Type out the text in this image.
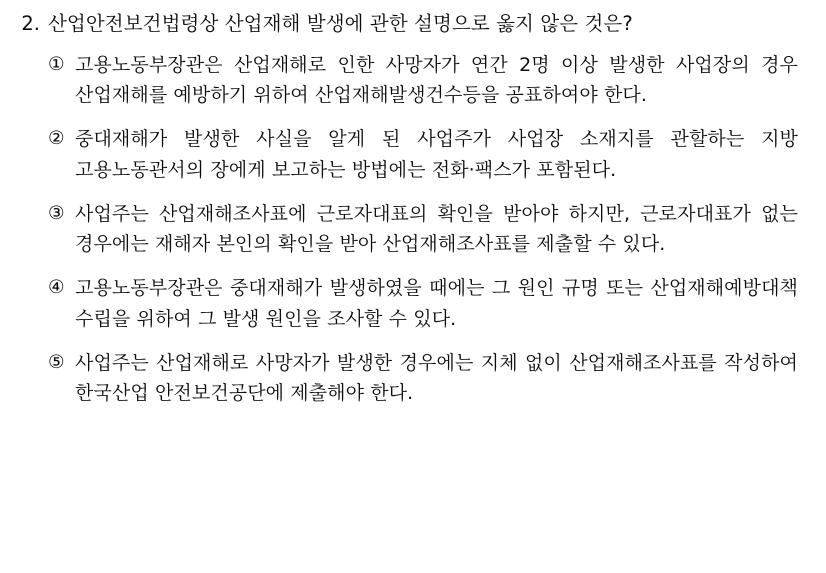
2. 산업안전보건법령상 산업재해 발생에 관한 설명으로 옳지 않은 것은?
① 고용노동부장관은 산업재해로 인한 사망자가 연간 2명 이상 발생한 사업장의 경우 산업재해를 예방하기 위하여 산업재해발생건수등을 공표하여야 한다.
② 중대재해가 발생한 사실을 알게 된 사업주가 사업장 소재지를 관할하는 지방 고용노동관서의 장에게 보고하는 방법에는 전화·팩스가 포함된다.
③ 사업주는 산업재해조사표에 근로자대표의 확인을 받아야 하지만, 근로자대표가 없는 경우에는 재해자 본인의 확인을 받아 산업재해조사표를 제출할 수 있다.
④ 고용노동부장관은 중대재해가 발생하였을 때에는 그 원인 규명 또는 산업재해예방대책 수립을 위하여 그 발생 원인을 조사할 수 있다.
⑤ 사업주는 산업재해로 사망자가 발생한 경우에는 지체 없이 산업재해조사표를 작성하여 한국산업 안전보건공단에 제출해야 한다.
